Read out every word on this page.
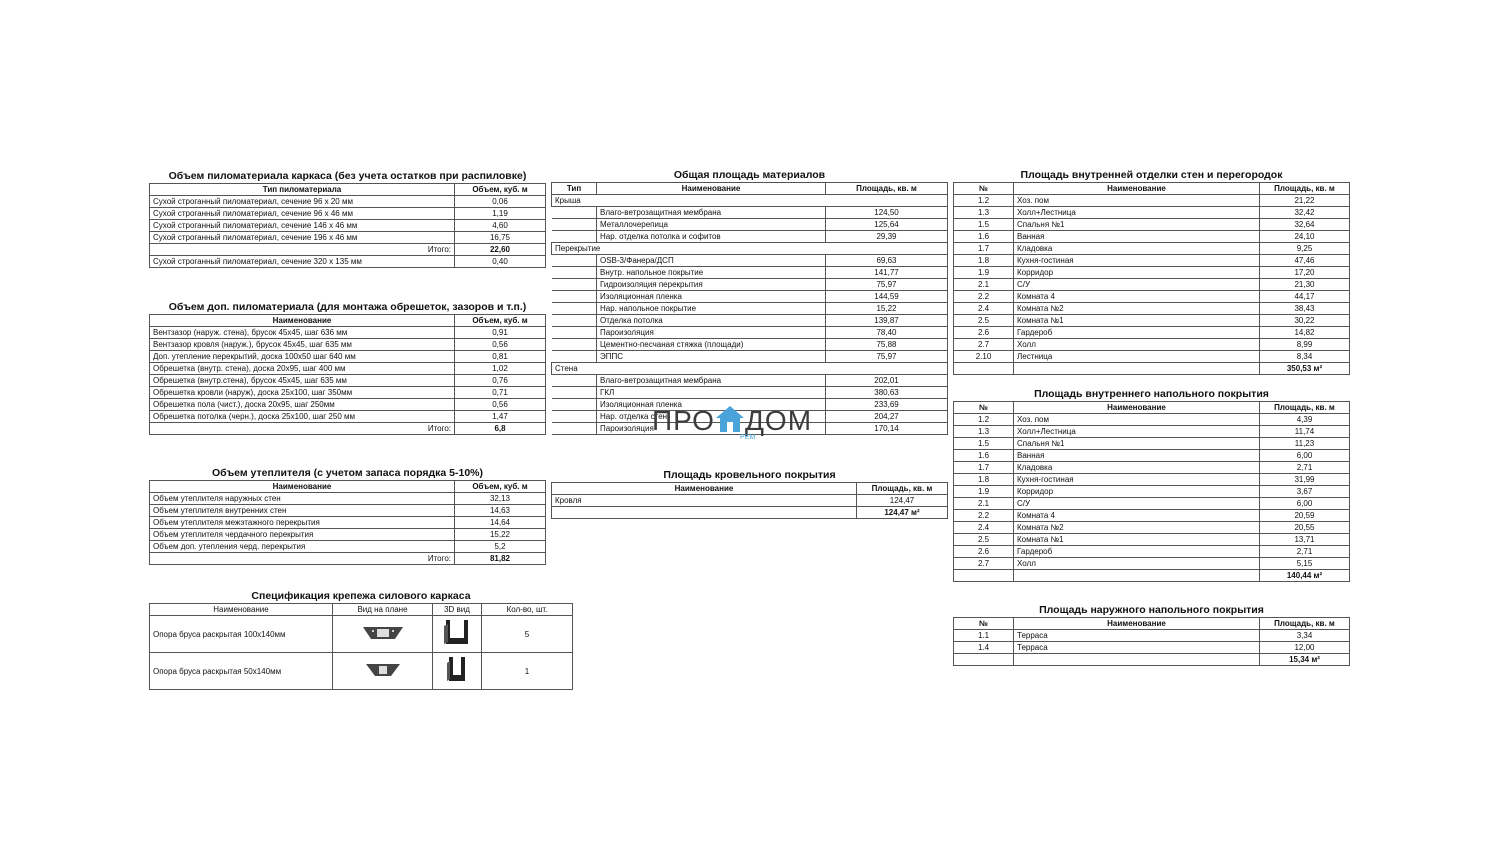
Объем пиломатериала каркаса (без учета остатков при распиловке)
Тип пиломатериала	Объем, куб. м
Сухой строганный пиломатериал, сечение 96 x 20 мм	0,06
Сухой строганный пиломатериал, сечение 96 x 46 мм	1,19
Сухой строганный пиломатериал, сечение 146 x 46 мм	4,60
Сухой строганный пиломатериал, сечение 196 x 46 мм	16,75
Итого:	22,60
Сухой строганный пиломатериал, сечение 320 x 135 мм	0,40
Объем доп. пиломатериала (для монтажа обрешеток, зазоров и т.п.)
Наименование	Объем, куб. м
Вентзазор (наруж. стена), брусок 45x45, шаг 636 мм	0,91
Вентзазор кровля (наруж.), брусок 45x45, шаг 635 мм	0,56
Доп. утепление перекрытий, доска 100x50 шаг 640 мм	0,81
Обрешетка (внутр. стена), доска 20x95, шаг 400 мм	1,02
Обрешетка (внутр.стена), брусок 45x45, шаг 635 мм	0,76
Обрешетка кровли (наруж), доска 25x100, шаг 350мм	0,71
Обрешетка пола (чист.), доска 20x95, шаг 250мм	0,56
Обрешетка потолка (черн.), доска 25x100, шаг 250 мм	1,47
Итого:	6,8
Объем утеплителя (с учетом запаса порядка 5-10%)
Наименование	Объем, куб. м
Объем утеплителя наружных стен	32,13
Объем утеплителя внутренних стен	14,63
Объем утеплителя межэтажного перекрытия	14,64
Объем утеплителя чердачного перекрытия	15,22
Объем доп. утепления черд. перекрытия	5,2
Итого:	81,82
Спецификация крепежа силового каркаса
Наименование	Вид на плане	3D вид	Кол-во, шт.
Опора бруса раскрытая 100x140мм			5
Опора бруса раскрытая 50x140мм			1
Общая площадь материалов
Тип	Наименование	Площадь, кв. м
Крыша		
	Влаго-ветрозащитная мембрана	124,50
	Металлочерепица	125,64
	Нар. отделка потолка и софитов	29,39
Перекрытие		
	OSB-3/Фанера/ДСП	69,63
	Внутр. напольное покрытие	141,77
	Гидроизоляция перекрытия	75,97
	Изоляционная пленка	144,59
	Нар. напольное покрытие	15,22
	Отделка потолка	139,87
	Пароизоляция	78,40
	Цементно-песчаная стяжка (площади)	75,88
	ЭППС	75,97
Стена		
	Влаго-ветрозащитная мембрана	202,01
	ГКЛ	380,63
	Изоляционная пленка	233,69
	Нар. отделка стен	204,27
	Пароизоляция	170,14
Площадь кровельного покрытия
Наименование	Площадь, кв. м
Кровля	124,47
	124,47 м²
Площадь внутренней отделки стен и перегородок
№	Наименование	Площадь, кв. м
1.2	Хоз. пом	21,22
1.3	Холл+Лестница	32,42
1.5	Спальня №1	32,64
1.6	Ванная	24,10
1.7	Кладовка	9,25
1.8	Кухня-гостиная	47,46
1.9	Корридор	17,20
2.1	С/У	21,30
2.2	Комната 4	44,17
2.4	Комната №2	38,43
2.5	Комната №1	30,22
2.6	Гардероб	14,82
2.7	Холл	8,99
2.10	Лестница	8,34
		350,53 м²
Площадь внутреннего напольного покрытия
№	Наименование	Площадь, кв. м
1.2	Хоз. пом	4,39
1.3	Холл+Лестница	11,74
1.5	Спальня №1	11,23
1.6	Ванная	6,00
1.7	Кладовка	2,71
1.8	Кухня-гостиная	31,99
1.9	Корридор	3,67
2.1	С/У	6,00
2.2	Комната 4	20,59
2.4	Комната №2	20,55
2.5	Комната №1	13,71
2.6	Гардероб	2,71
2.7	Холл	5,15
		140,44 м²
Площадь наружного напольного покрытия
№	Наименование	Площадь, кв. м
1.1	Терраса	3,34
1.4	Терраса	12,00
		15,34 м²
ПРО ДОМ
РЕМ
